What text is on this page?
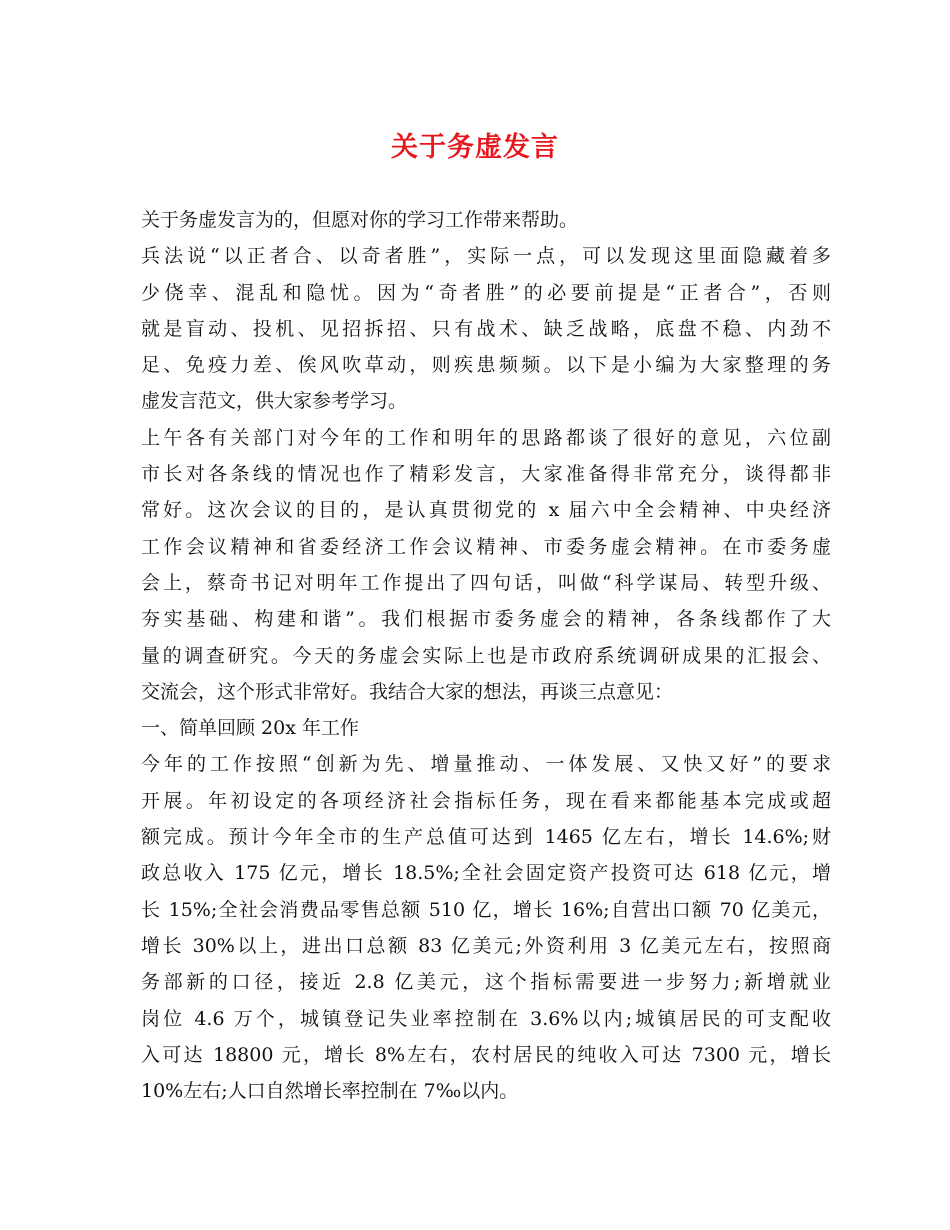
关于务虚发言
关于务虚发言为的，但愿对你的学习工作带来帮助。
兵法说“以正者合、以奇者胜”，实际一点，可以发现这里面隐藏着多
少侥幸、混乱和隐忧。因为“奇者胜”的必要前提是“正者合”，否则
就是盲动、投机、见招拆招、只有战术、缺乏战略，底盘不稳、内劲不
足、免疫力差、俟风吹草动，则疾患频频。以下是小编为大家整理的务
虚发言范文，供大家参考学习。
上午各有关部门对今年的工作和明年的思路都谈了很好的意见，六位副
市长对各条线的情况也作了精彩发言，大家准备得非常充分，谈得都非
常好。这次会议的目的，是认真贯彻党的 x 届六中全会精神、中央经济
工作会议精神和省委经济工作会议精神、市委务虚会精神。在市委务虚
会上，蔡奇书记对明年工作提出了四句话，叫做“科学谋局、转型升级、
夯实基础、构建和谐”。我们根据市委务虚会的精神，各条线都作了大
量的调查研究。今天的务虚会实际上也是市政府系统调研成果的汇报会、
交流会，这个形式非常好。我结合大家的想法，再谈三点意见：
一、简单回顾 20x 年工作
今年的工作按照“创新为先、增量推动、一体发展、又快又好”的要求
开展。年初设定的各项经济社会指标任务，现在看来都能基本完成或超
额完成。预计今年全市的生产总值可达到 1465 亿左右，增长 14.6%;财
政总收入 175 亿元，增长 18.5%;全社会固定资产投资可达 618 亿元，增
长 15%;全社会消费品零售总额 510 亿，增长 16%;自营出口额 70 亿美元，
增长 30%以上，进出口总额 83 亿美元;外资利用 3 亿美元左右，按照商
务部新的口径，接近 2.8 亿美元，这个指标需要进一步努力;新增就业
岗位 4.6 万个，城镇登记失业率控制在 3.6%以内;城镇居民的可支配收
入可达 18800 元，增长 8%左右，农村居民的纯收入可达 7300 元，增长
10%左右;人口自然增长率控制在 7‰以内。
